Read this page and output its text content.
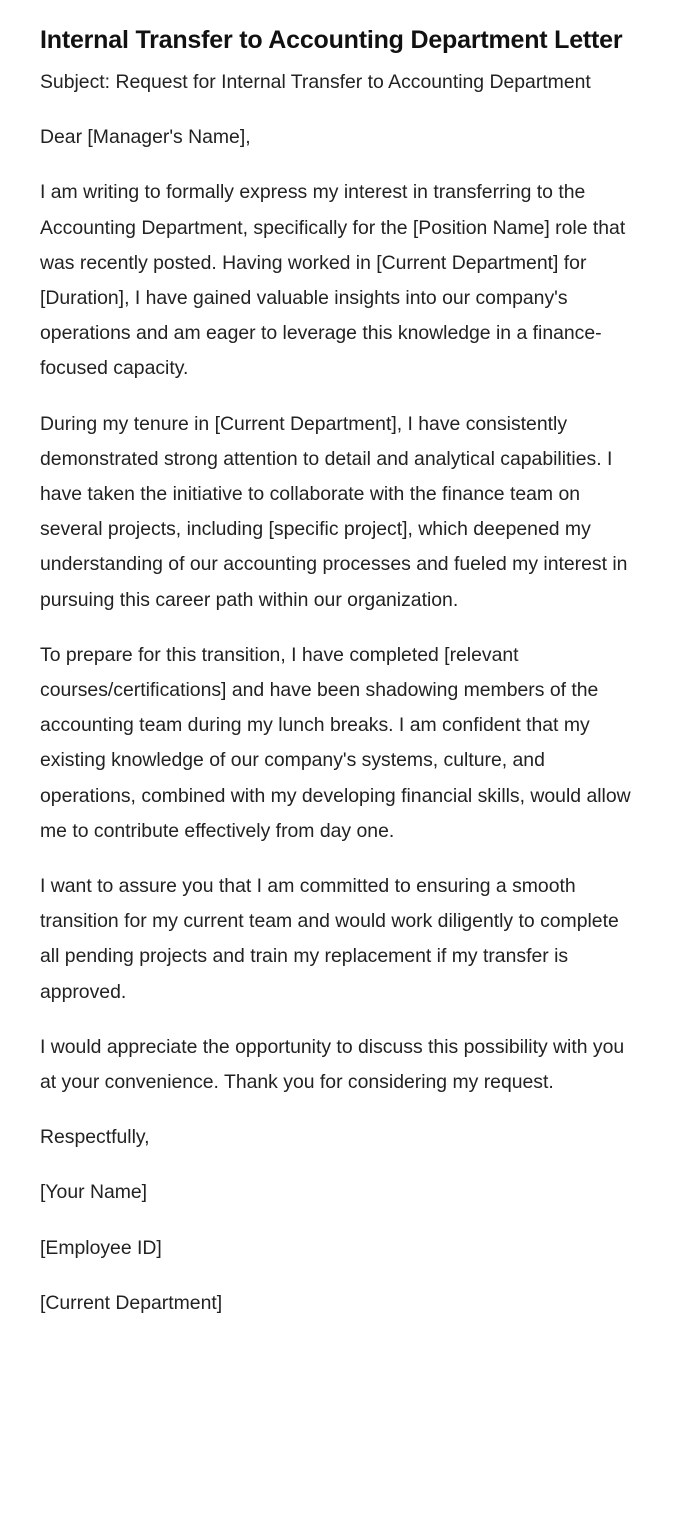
Internal Transfer to Accounting Department Letter

Subject: Request for Internal Transfer to Accounting Department

Dear [Manager's Name],

I am writing to formally express my interest in transferring to the Accounting Department, specifically for the [Position Name] role that was recently posted. Having worked in [Current Department] for [Duration], I have gained valuable insights into our company's operations and am eager to leverage this knowledge in a finance-focused capacity.

During my tenure in [Current Department], I have consistently demonstrated strong attention to detail and analytical capabilities. I have taken the initiative to collaborate with the finance team on several projects, including [specific project], which deepened my understanding of our accounting processes and fueled my interest in pursuing this career path within our organization.

To prepare for this transition, I have completed [relevant courses/certifications] and have been shadowing members of the accounting team during my lunch breaks. I am confident that my existing knowledge of our company's systems, culture, and operations, combined with my developing financial skills, would allow me to contribute effectively from day one.

I want to assure you that I am committed to ensuring a smooth transition for my current team and would work diligently to complete all pending projects and train my replacement if my transfer is approved.

I would appreciate the opportunity to discuss this possibility with you at your convenience. Thank you for considering my request.

Respectfully,

[Your Name]

[Employee ID]

[Current Department]
